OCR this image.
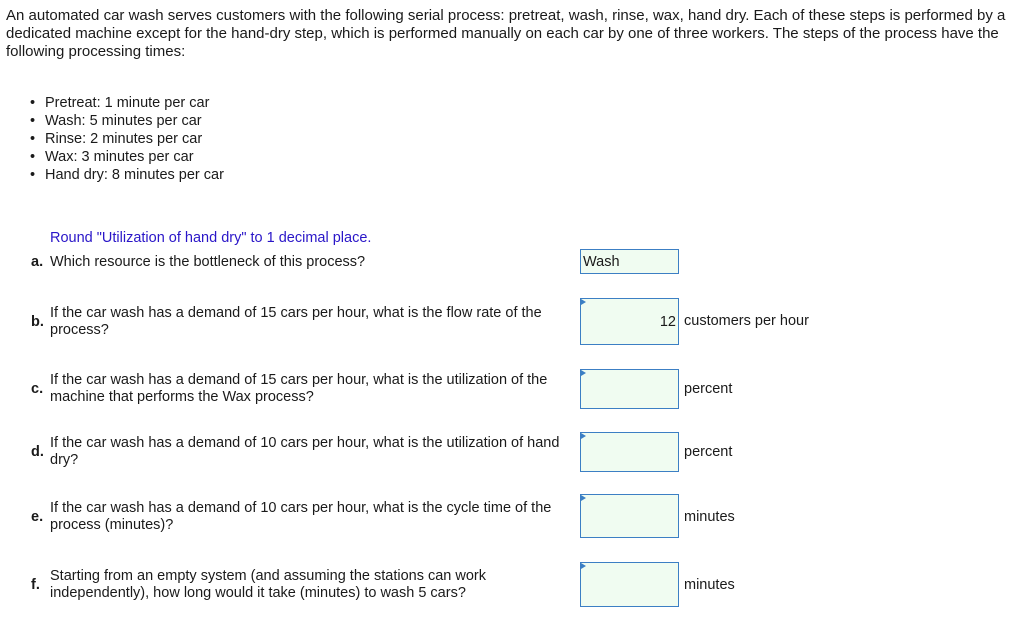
An automated car wash serves customers with the following serial process: pretreat, wash, rinse, wax, hand dry. Each of these steps is performed by a dedicated machine except for the hand-dry step, which is performed manually on each car by one of three workers. The steps of the process have the following processing times:

• Pretreat: 1 minute per car
• Wash: 5 minutes per car
• Rinse: 2 minutes per car
• Wax: 3 minutes per car
• Hand dry: 8 minutes per car
Round "Utilization of hand dry" to 1 decimal place.
a. Which resource is the bottleneck of this process?	Wash
b.
If the car wash has a demand of 15 cars per hour, what is the flow rate of the process?	12 customers per hour
c.
If the car wash has a demand of 15 cars per hour, what is the utilization of the machine that performs the Wax process?	percent
d.
If the car wash has a demand of 10 cars per hour, what is the utilization of hand dry?	percent
e.
If the car wash has a demand of 10 cars per hour, what is the cycle time of the process (minutes)?	minutes
f.
Starting from an empty system (and assuming the stations can work independently), how long would it take (minutes) to wash 5 cars?	minutes
